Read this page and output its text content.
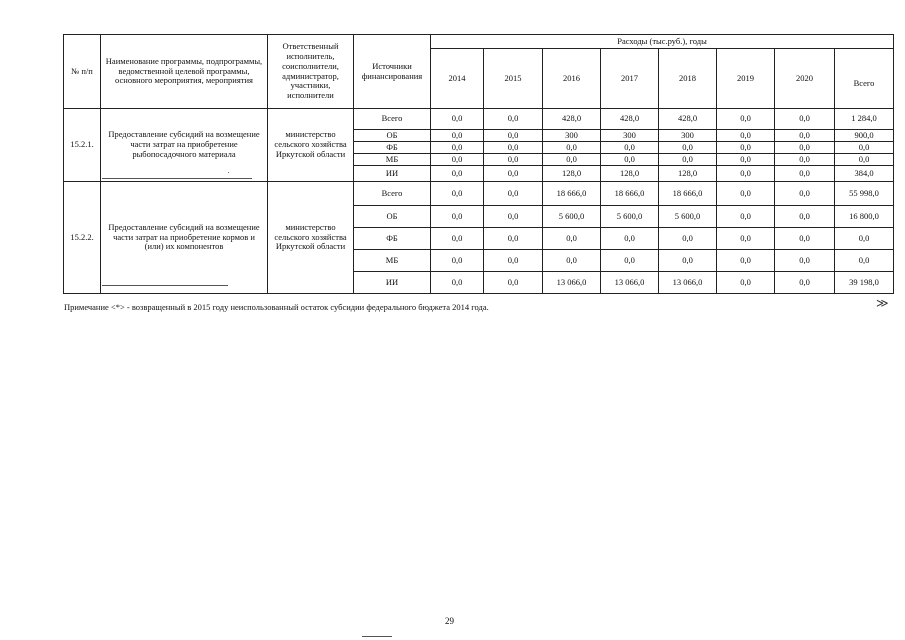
№ п/п	Наименование программы, подпрограммы, ведомственной целевой программы, основного мероприятия, мероприятия	Ответственный исполнитель, соисполнители, администратор, участники, исполнители	Источники финансирования	Расходы (тыс.руб.), годы							
				2014	2015	2016	2017	2018	2019	2020	Всего
15.2.1.	Предоставление субсидий на возмещение части затрат на приобретение рыбопосадочного материала	министерство сельского хозяйства Иркутской области	Всего	0,0	0,0	428,0	428,0	428,0	0,0	0,0	1 284,0
			ОБ	0,0	0,0	300	300	300	0,0	0,0	900,0
			ФБ	0,0	0,0	0,0	0,0	0,0	0,0	0,0	0,0
			МБ	0,0	0,0	0,0	0,0	0,0	0,0	0,0	0,0
			ИИ	0,0	0,0	128,0	128,0	128,0	0,0	0,0	384,0
15.2.2.	Предоставление субсидий на возмещение части затрат на приобретение кормов и (или) их компонентов	министерство сельского хозяйства Иркутской области	Всего	0,0	0,0	18 666,0	18 666,0	18 666,0	0,0	0,0	55 998,0
			ОБ	0,0	0,0	5 600,0	5 600,0	5 600,0	0,0	0,0	16 800,0
			ФБ	0,0	0,0	0,0	0,0	0,0	0,0	0,0	0,0
			МБ	0,0	0,0	0,0	0,0	0,0	0,0	0,0	0,0
			ИИ	0,0	0,0	13 066,0	13 066,0	13 066,0	0,0	0,0	39 198,0
Примечание <*> - возвращенный в 2015 году неиспользованный остаток субсидии федерального бюджета 2014 года.	≫
29
